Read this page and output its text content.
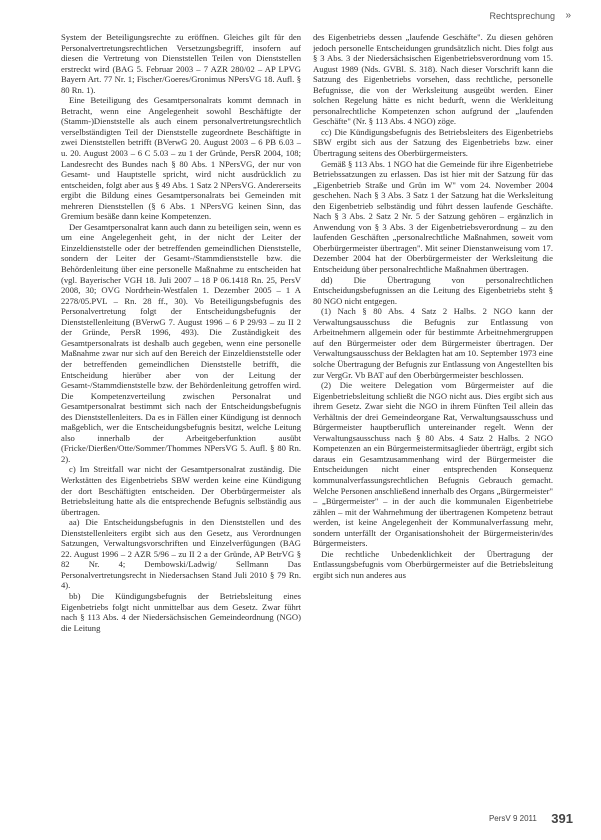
Rechtsprechung »

System der Beteiligungsrechte zu eröffnen. Gleiches gilt für den Personalvertretungsrechtlichen Versetzungsbegriff, insofern auf diesen die Vertretung von Dienststellen Teilen von Dienststellen erstreckt wird (BAG 5. Februar 2003 – 7 AZR 280/02 – AP LPVG Bayern Art. 77 Nr. 1; Fischer/Goeres/Gronimus NPersVG 18. Aufl. § 80 Rn. 1).

Eine Beteiligung des Gesamtpersonalrats kommt demnach in Betracht, wenn eine Angelegenheit sowohl Beschäftigte der (Stamm-)Dienststelle als auch einem personalvertretungsrechtlich verselbständigten Teil der Dienststelle zugeordnete Beschäftigte in zwei Dienststellen betrifft (BVerwG 20. August 2003 – 6 PB 6.03 – u. 20. August 2003 – 6 C 5.03 – zu 1 der Gründe, PersR 2004, 108; Landesrecht des Bundes nach § 80 Abs. 1 NPersVG, der nur von Gesamt- und Hauptstelle spricht, wird nicht ausdrücklich zu entscheiden, folgt aber aus § 49 Abs. 1 Satz 2 NPersVG. Andererseits ergibt die Bildung eines Gesamtpersonalrats bei Gemeinden mit mehreren Dienststellen (§ 6 Abs. 1 NPersVG keinen Sinn, das Gremium besäße dann keine Kompetenzen.

Der Gesamtpersonalrat kann auch dann zu beteiligen sein, wenn es um eine Angelegenheit geht, in der nicht der Leiter der Einzeldienststelle oder der betreffenden gemeindlichen Dienststelle, sondern der Leiter der Gesamt-/Stammdienststelle bzw. die Behördenleitung über eine personelle Maßnahme zu entscheiden hat (vgl. Bayerischer VGH 18. Juli 2007 – 18 P 06.1418 Rn. 25, PersV 2008, 30; OVG Nordrhein-Westfalen 1. Dezember 2005 – 1 A 2278/05.PVL – Rn. 28 ff., 30). Vo Beteiligungsbefugnis des Personalvertretung folgt der Entscheidungsbefugnis der Dienststellenleitung (BVerwG 7. August 1996 – 6 P 29/93 – zu II 2 der Gründe, PersR 1996, 493). Die Zuständigkeit des Gesamtpersonalrats ist deshalb auch gegeben, wenn eine personelle Maßnahme zwar nur sich auf den Bereich der Einzeldienststelle oder der betreffenden gemeindlichen Dienststelle betrifft, die Entscheidung hierüber aber von der Leitung der Gesamt-/Stammdienststelle bzw. der Behördenleitung getroffen wird. Die Kompetenzverteilung zwischen Personalrat und Gesamtpersonalrat bestimmt sich nach der Entscheidungsbefugnis des Dienststellenleiters. Da es in Fällen einer Kündigung ist dennoch maßgeblich, wer die Entscheidungsbefugnis besitzt, welche Leitung also innerhalb der Arbeitgeberfunktion ausübt (Fricke/Dierßen/Otte/Sommer/Thommes NPersVG 5. Aufl. § 80 Rn. 2).

c) Im Streitfall war nicht der Gesamtpersonalrat zuständig. Die Werkstätten des Eigenbetriebs SBW werden keine eine Kündigung der dort Beschäftigten entscheiden. Der Oberbürgermeister als Betriebsleitung hatte als die entsprechende Befugnis selbständig aus übertragen.

aa) Die Entscheidungsbefugnis in den Dienststellen und des Dienststellenleiters ergibt sich aus den Gesetz, aus Verordnungen Satzungen, Verwaltungsvorschriften und Einzelverfügungen (BAG 22. August 1996 – 2 AZR 5/96 – zu II 2 a der Gründe, AP BetrVG § 82 Nr. 4; Dembowski/Ladwig/ Sellmann Das Personalvertretungsrecht in Niedersachsen Stand Juli 2010 § 79 Rn. 4).

bb) Die Kündigungsbefugnis der Betriebsleitung eines Eigenbetriebs folgt nicht unmittelbar aus dem Gesetz. Zwar führt nach § 113 Abs. 4 der Niedersächsischen Gemeindeordnung (NGO) die Leitung

des Eigenbetriebs dessen „laufende Geschäfte". Zu diesen gehören jedoch personelle Entscheidungen grundsätzlich nicht. Dies folgt aus § 3 Abs. 3 der Niedersächsischen Eigenbetriebsverordnung vom 15. August 1989 (Nds. GVBl. S. 318). Nach dieser Vorschrift kann die Satzung des Eigenbetriebs vorsehen, dass rechtliche, personelle Befugnisse, die von der Werksleitung ausgeübt werden. Einer solchen Regelung hätte es nicht bedurft, wenn die Werkleitung personalrechtliche Kompetenzen schon aufgrund der „laufenden Geschäfte" (Nr. § 113 Abs. 4 NGO) zöge.

cc) Die Kündigungsbefugnis des Betriebsleiters des Eigenbetriebs SBW ergibt sich aus der Satzung des Eigenbetriebs bzw. einer Übertragung seitens des Oberbürgermeisters.

Gemäß § 113 Abs. 1 NGO hat die Gemeinde für ihre Eigenbetriebe Betriebssatzungen zu erlassen. Das ist hier mit der Satzung für das „Eigenbetrieb Straße und Grün im W" vom 24. November 2004 geschehen. Nach § 3 Abs. 3 Satz 1 der Satzung hat die Werksleitung den Eigenbetrieb selbständig und führt dessen laufende Geschäfte. Nach § 3 Abs. 2 Satz 2 Nr. 5 der Satzung gehören – ergänzlich in Anwendung von § 3 Abs. 3 der Eigenbetriebsverordnung – zu den laufenden Geschäften „personalrechtliche Maßnahmen, soweit vom Oberbürgermeister übertragen". Mit seiner Dienstanweisung vom 17. Dezember 2004 hat der Oberbürgermeister der Werksleitung die Entscheidung über personalrechtliche Maßnahmen übertragen.

dd) Die Übertragung von personalrechtlichen Entscheidungsbefugnissen an die Leitung des Eigenbetriebs steht § 80 NGO nicht entgegen.

(1) Nach § 80 Abs. 4 Satz 2 Halbs. 2 NGO kann der Verwaltungsausschuss die Befugnis zur Entlassung von Arbeitnehmern allgemein oder für bestimmte Arbeitnehmergruppen auf den Bürgermeister oder dem Bürgermeister übertragen. Der Verwaltungsausschuss der Beklagten hat am 10. September 1973 eine solche Übertragung der Befugnis zur Entlassung von Angestellten bis zur VergGr. Vb BAT auf den Oberbürgermeister beschlossen.

(2) Die weitere Delegation vom Bürgermeister auf die Eigenbetriebsleitung schließt die NGO nicht aus. Dies ergibt sich aus ihrem Gesetz. Zwar sieht die NGO in ihrem Fünften Teil allein das Verhältnis der drei Gemeindeorgane Rat, Verwaltungsausschuss und Bürgermeister hauptberuflich untereinander regelt. Wenn der Verwaltungsausschuss nach § 80 Abs. 4 Satz 2 Halbs. 2 NGO Kompetenzen an ein Bürgermeistermitsaglieder überträgt, ergibt sich daraus ein Gesamtzusammenhang wird der Bürgermeister die Entscheidungen nicht einer entsprechenden Konsequenz kommunalverfassungsrechtlichen Befugnis Gebrauch gemacht. Welche Personen anschließend innerhalb des Organs „Bürgermeister" – „Bürgermeister" – in der auch die kommunalen Eigenbetriebe zählen – mit der Wahrnehmung der übertragenen Kompetenz betraut werden, ist keine Angelegenheit der Kommunalverfassung mehr, sondern unterfällt der Organisationshoheit der Bürgermeisterin/des Bürgermeisters.

Die rechtliche Unbedenklichkeit der Übertragung der Entlassungsbefugnis vom Oberbürgermeister auf die Betriebsleitung ergibt sich nun anderes aus

PersV 9 2011 391
